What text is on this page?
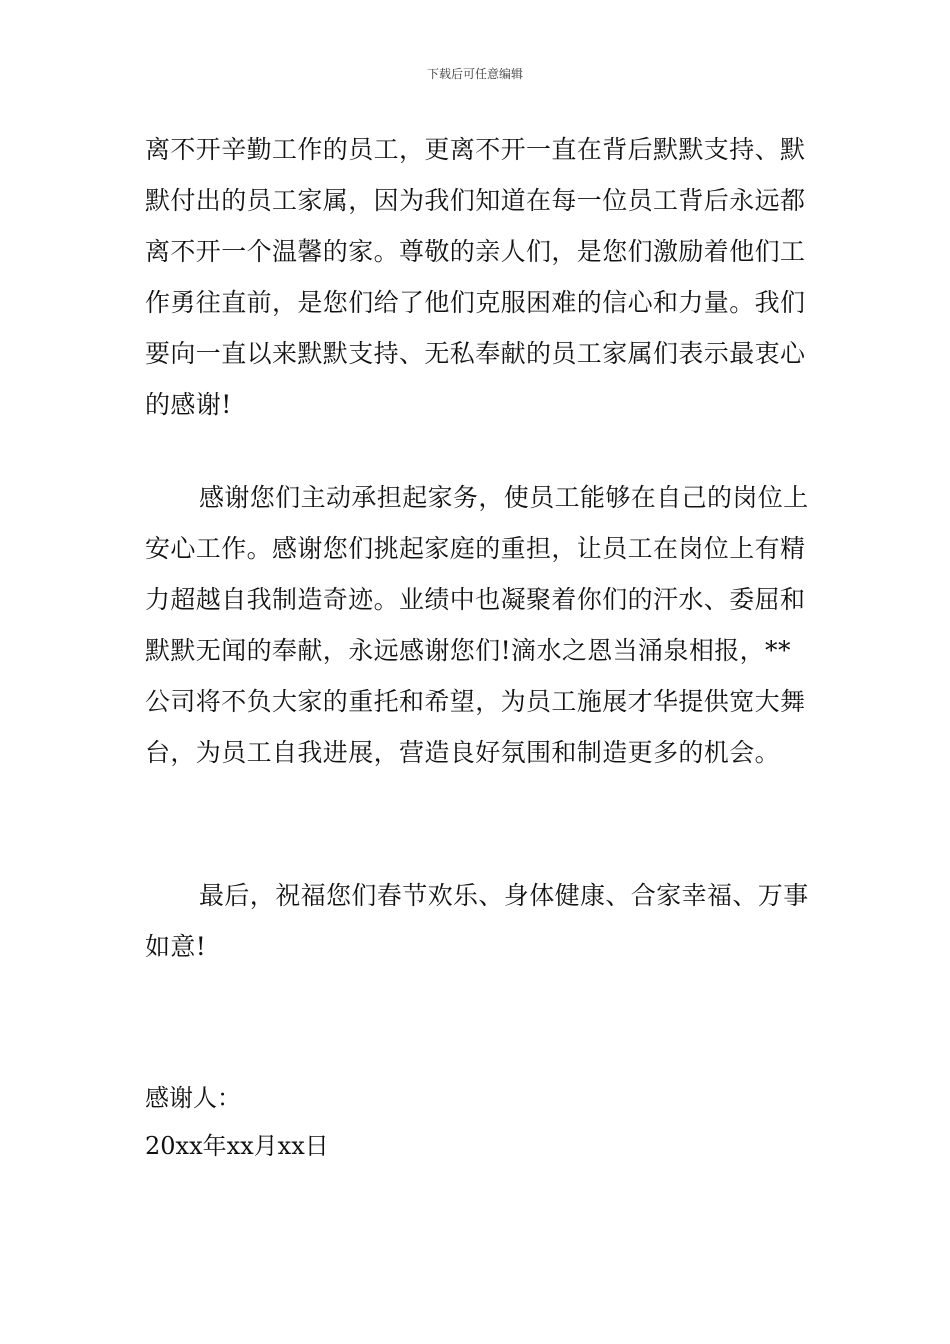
下载后可任意编辑

离不开辛勤工作的员工，更离不开一直在背后默默支持、默默付出的员工家属，因为我们知道在每一位员工背后永远都离不开一个温馨的家。尊敬的亲人们，是您们激励着他们工作勇往直前，是您们给了他们克服困难的信心和力量。我们要向一直以来默默支持、无私奉献的员工家属们表示最衷心的感谢!

感谢您们主动承担起家务，使员工能够在自己的岗位上安心工作。感谢您们挑起家庭的重担，让员工在岗位上有精力超越自我制造奇迹。业绩中也凝聚着你们的汗水、委屈和默默无闻的奉献，永远感谢您们!滴水之恩当涌泉相报，**公司将不负大家的重托和希望，为员工施展才华提供宽大舞台，为员工自我进展，营造良好氛围和制造更多的机会。

最后，祝福您们春节欢乐、身体健康、合家幸福、万事如意!

感谢人：
20xx年xx月xx日
